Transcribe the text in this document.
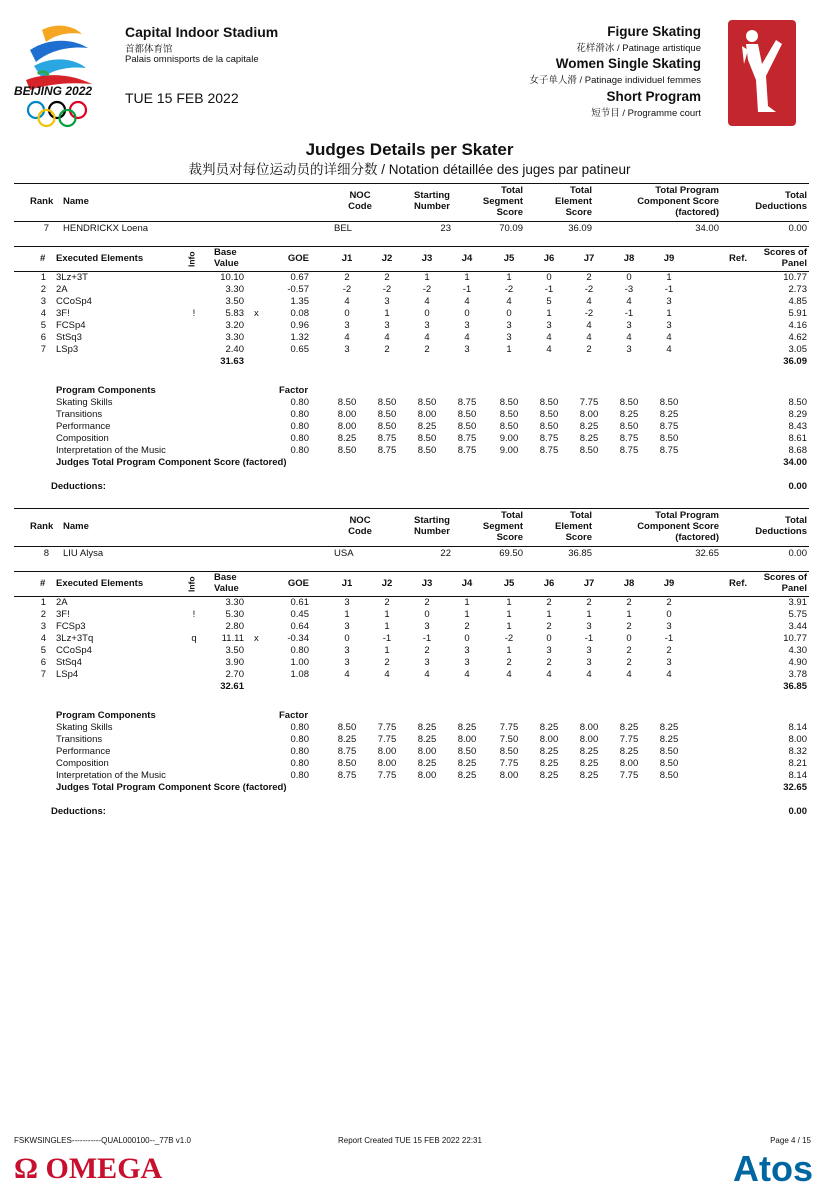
BEIJING 2022
Capital Indoor Stadium
首都体育馆
Palais omnisports de la capitale
TUE 15 FEB 2022
Figure Skating
花样滑冰 / Patinage artistique
Women Single Skating
女子单人滑 / Patinage individuel femmes
Short Program
短节目 / Programme court
Judges Details per Skater
裁判员对每位运动员的详细分数 / Notation détaillée des juges par patineur
Rank Name
NOC
Code
Starting
Number
Total
Segment
Score
Total
Element
Score
Total Program
Component Score
(factored)
Total
Deductions
7 HENDRICKX Loena	BEL	23	70.09	36.09	34.00	0.00
# Executed Elements	Info Base
Value	GOE	J1	J2	J3	J4	J5	J6	J7	J8	J9	Ref.
Scores of
Panel
1 3Lz+3T	10.10	0.67	2	2	1	1	1	0	2	0	1	10.77
2 2A	3.30	-0.57	-2	-2	-2	-1	-2	-1	-2	-3	-1	2.73
3 CCoSp4	3.50	1.35	4	3	4	4	4	5	4	4	3	4.85
4 3F!	!	5.83 x	0.08	0	1	0	0	0	1	-2	-1	1	5.91
5 FCSp4	3.20	0.96	3	3	3	3	3	3	4	3	3	4.16
6 StSq3	3.30	1.32	4	4	4	4	3	4	4	4	4	4.62
7 LSp3	2.40	0.65	3	2	2	3	1	4	2	3	4	3.05
31.63	36.09
Program Components	Factor
Skating Skills	0.80	8.50	8.50	8.50	8.75	8.50	8.50	7.75	8.50	8.50	8.50
Transitions	0.80	8.00	8.50	8.00	8.50	8.50	8.50	8.00	8.25	8.25	8.29
Performance	0.80	8.00	8.50	8.25	8.50	8.50	8.50	8.25	8.50	8.75	8.43
Composition	0.80	8.25	8.75	8.50	8.75	9.00	8.75	8.25	8.75	8.50	8.61
Interpretation of the Music	0.80	8.50	8.75	8.50	8.75	9.00	8.75	8.50	8.75	8.75	8.68
Judges Total Program Component Score (factored)	34.00
Deductions:	0.00
Rank Name
NOC
Code
Starting
Number
Total
Segment
Score
Total
Element
Score
Total Program
Component Score
(factored)
Total
Deductions
8 LIU Alysa	USA	22	69.50	36.85	32.65	0.00
# Executed Elements	Info Base
Value	GOE	J1	J2	J3	J4	J5	J6	J7	J8	J9	Ref.
Scores of
Panel
1 2A	3.30	0.61	3	2	2	1	1	2	2	2	2	3.91
2 3F!	!	5.30	0.45	1	1	0	1	1	1	1	1	0	5.75
3 FCSp3	2.80	0.64	3	1	3	2	1	2	3	2	3	3.44
4 3Lz+3Tq	q	11.11 x	-0.34	0	-1	-1	0	-2	0	-1	0	-1	10.77
5 CCoSp4	3.50	0.80	3	1	2	3	1	3	3	2	2	4.30
6 StSq4	3.90	1.00	3	2	3	3	2	2	3	2	3	4.90
7 LSp4	2.70	1.08	4	4	4	4	4	4	4	4	4	3.78
32.61	36.85
Program Components	Factor
Skating Skills	0.80	8.50	7.75	8.25	8.25	7.75	8.25	8.00	8.25	8.25	8.14
Transitions	0.80	8.25	7.75	8.25	8.00	7.50	8.00	8.00	7.75	8.25	8.00
Performance	0.80	8.75	8.00	8.00	8.50	8.50	8.25	8.25	8.25	8.50	8.32
Composition	0.80	8.50	8.00	8.25	8.25	7.75	8.25	8.25	8.00	8.50	8.21
Interpretation of the Music	0.80	8.75	7.75	8.00	8.25	8.00	8.25	8.25	7.75	8.50	8.14
Judges Total Program Component Score (factored)	32.65
Deductions:	0.00
FSKWSINGLES-----------QUAL000100--_77B v1.0	Report Created TUE 15 FEB 2022 22:31	Page 4 / 15
Ω OMEGA	Atos
